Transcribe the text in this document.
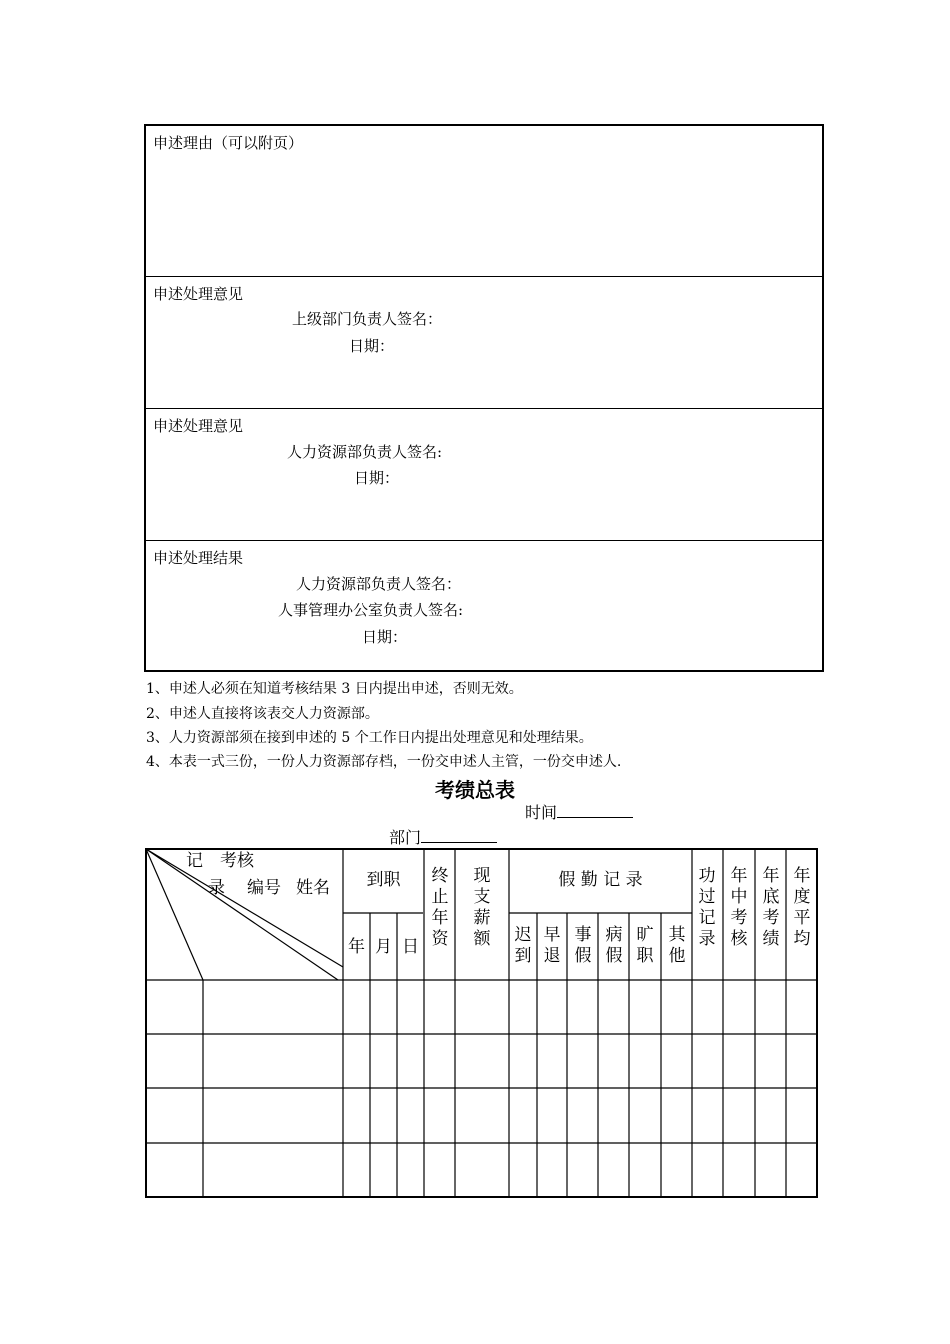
申述理由（可以附页）
申述处理意见
上级部门负责人签名：
日期：
申述处理意见
人力资源部负责人签名:
日期：
申述处理结果
人力资源部负责人签名：
人事管理办公室负责人签名:
日期：
1、申述人必须在知道考核结果 3 日内提出申述，否则无效。
2、申述人直接将该表交人力资源部。
3、人力资源部须在接到申述的 5 个工作日内提出处理意见和处理结果。
4、本表一式三份，一份人力资源部存档，一份交申述人主管，一份交申述人.
考绩总表
时间
部门
记　考核
录 编号 姓名	到职
年 月 日
终
止
年
资
现
支
薪
额
假 勤 记 录
迟
到
早
退
事
假
病
假
旷
职
其
他
功
过
记
录
年
中
考
核
年
底
考
绩
年
度
平
均
